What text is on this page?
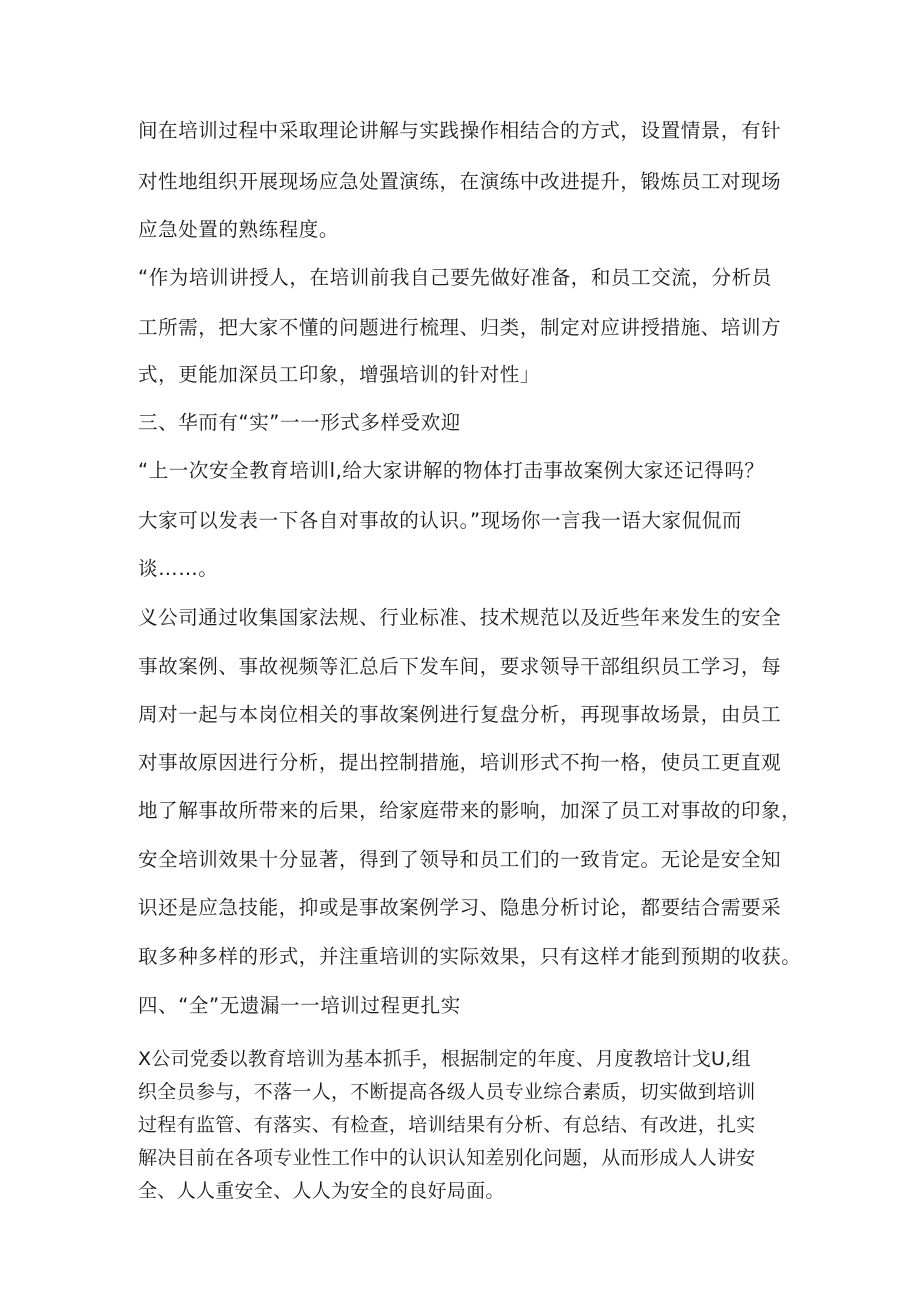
间在培训过程中采取理论讲解与实践操作相结合的方式，设置情景，有针
对性地组织开展现场应急处置演练，在演练中改进提升，锻炼员工对现场
应急处置的熟练程度。
“作为培训讲授人，在培训前我自己要先做好准备，和员工交流，分析员
工所需，把大家不懂的问题进行梳理、归类，制定对应讲授措施、培训方
式，更能加深员工印象，增强培训的针对性」
三、华而有“实”一一形式多样受欢迎
“上一次安全教育培训l,给大家讲解的物体打击事故案例大家还记得吗？
大家可以发表一下各自对事故的认识。”现场你一言我一语大家侃侃而
谈……。
义公司通过收集国家法规、行业标准、技术规范以及近些年来发生的安全
事故案例、事故视频等汇总后下发车间，要求领导干部组织员工学习，每
周对一起与本岗位相关的事故案例进行复盘分析，再现事故场景，由员工
对事故原因进行分析，提出控制措施，培训形式不拘一格，使员工更直观
地了解事故所带来的后果，给家庭带来的影响，加深了员工对事故的印象，
安全培训效果十分显著，得到了领导和员工们的一致肯定。无论是安全知
识还是应急技能，抑或是事故案例学习、隐患分析讨论，都要结合需要采
取多种多样的形式，并注重培训的实际效果，只有这样才能到预期的收获。
四、“全”无遗漏一一培训过程更扎实
X公司党委以教育培训为基本抓手，根据制定的年度、月度教培计戈U,组
织全员参与，不落一人，不断提高各级人员专业综合素质，切实做到培训
过程有监管、有落实、有检查，培训结果有分析、有总结、有改进，扎实
解决目前在各项专业性工作中的认识认知差别化问题，从而形成人人讲安
全、人人重安全、人人为安全的良好局面。
